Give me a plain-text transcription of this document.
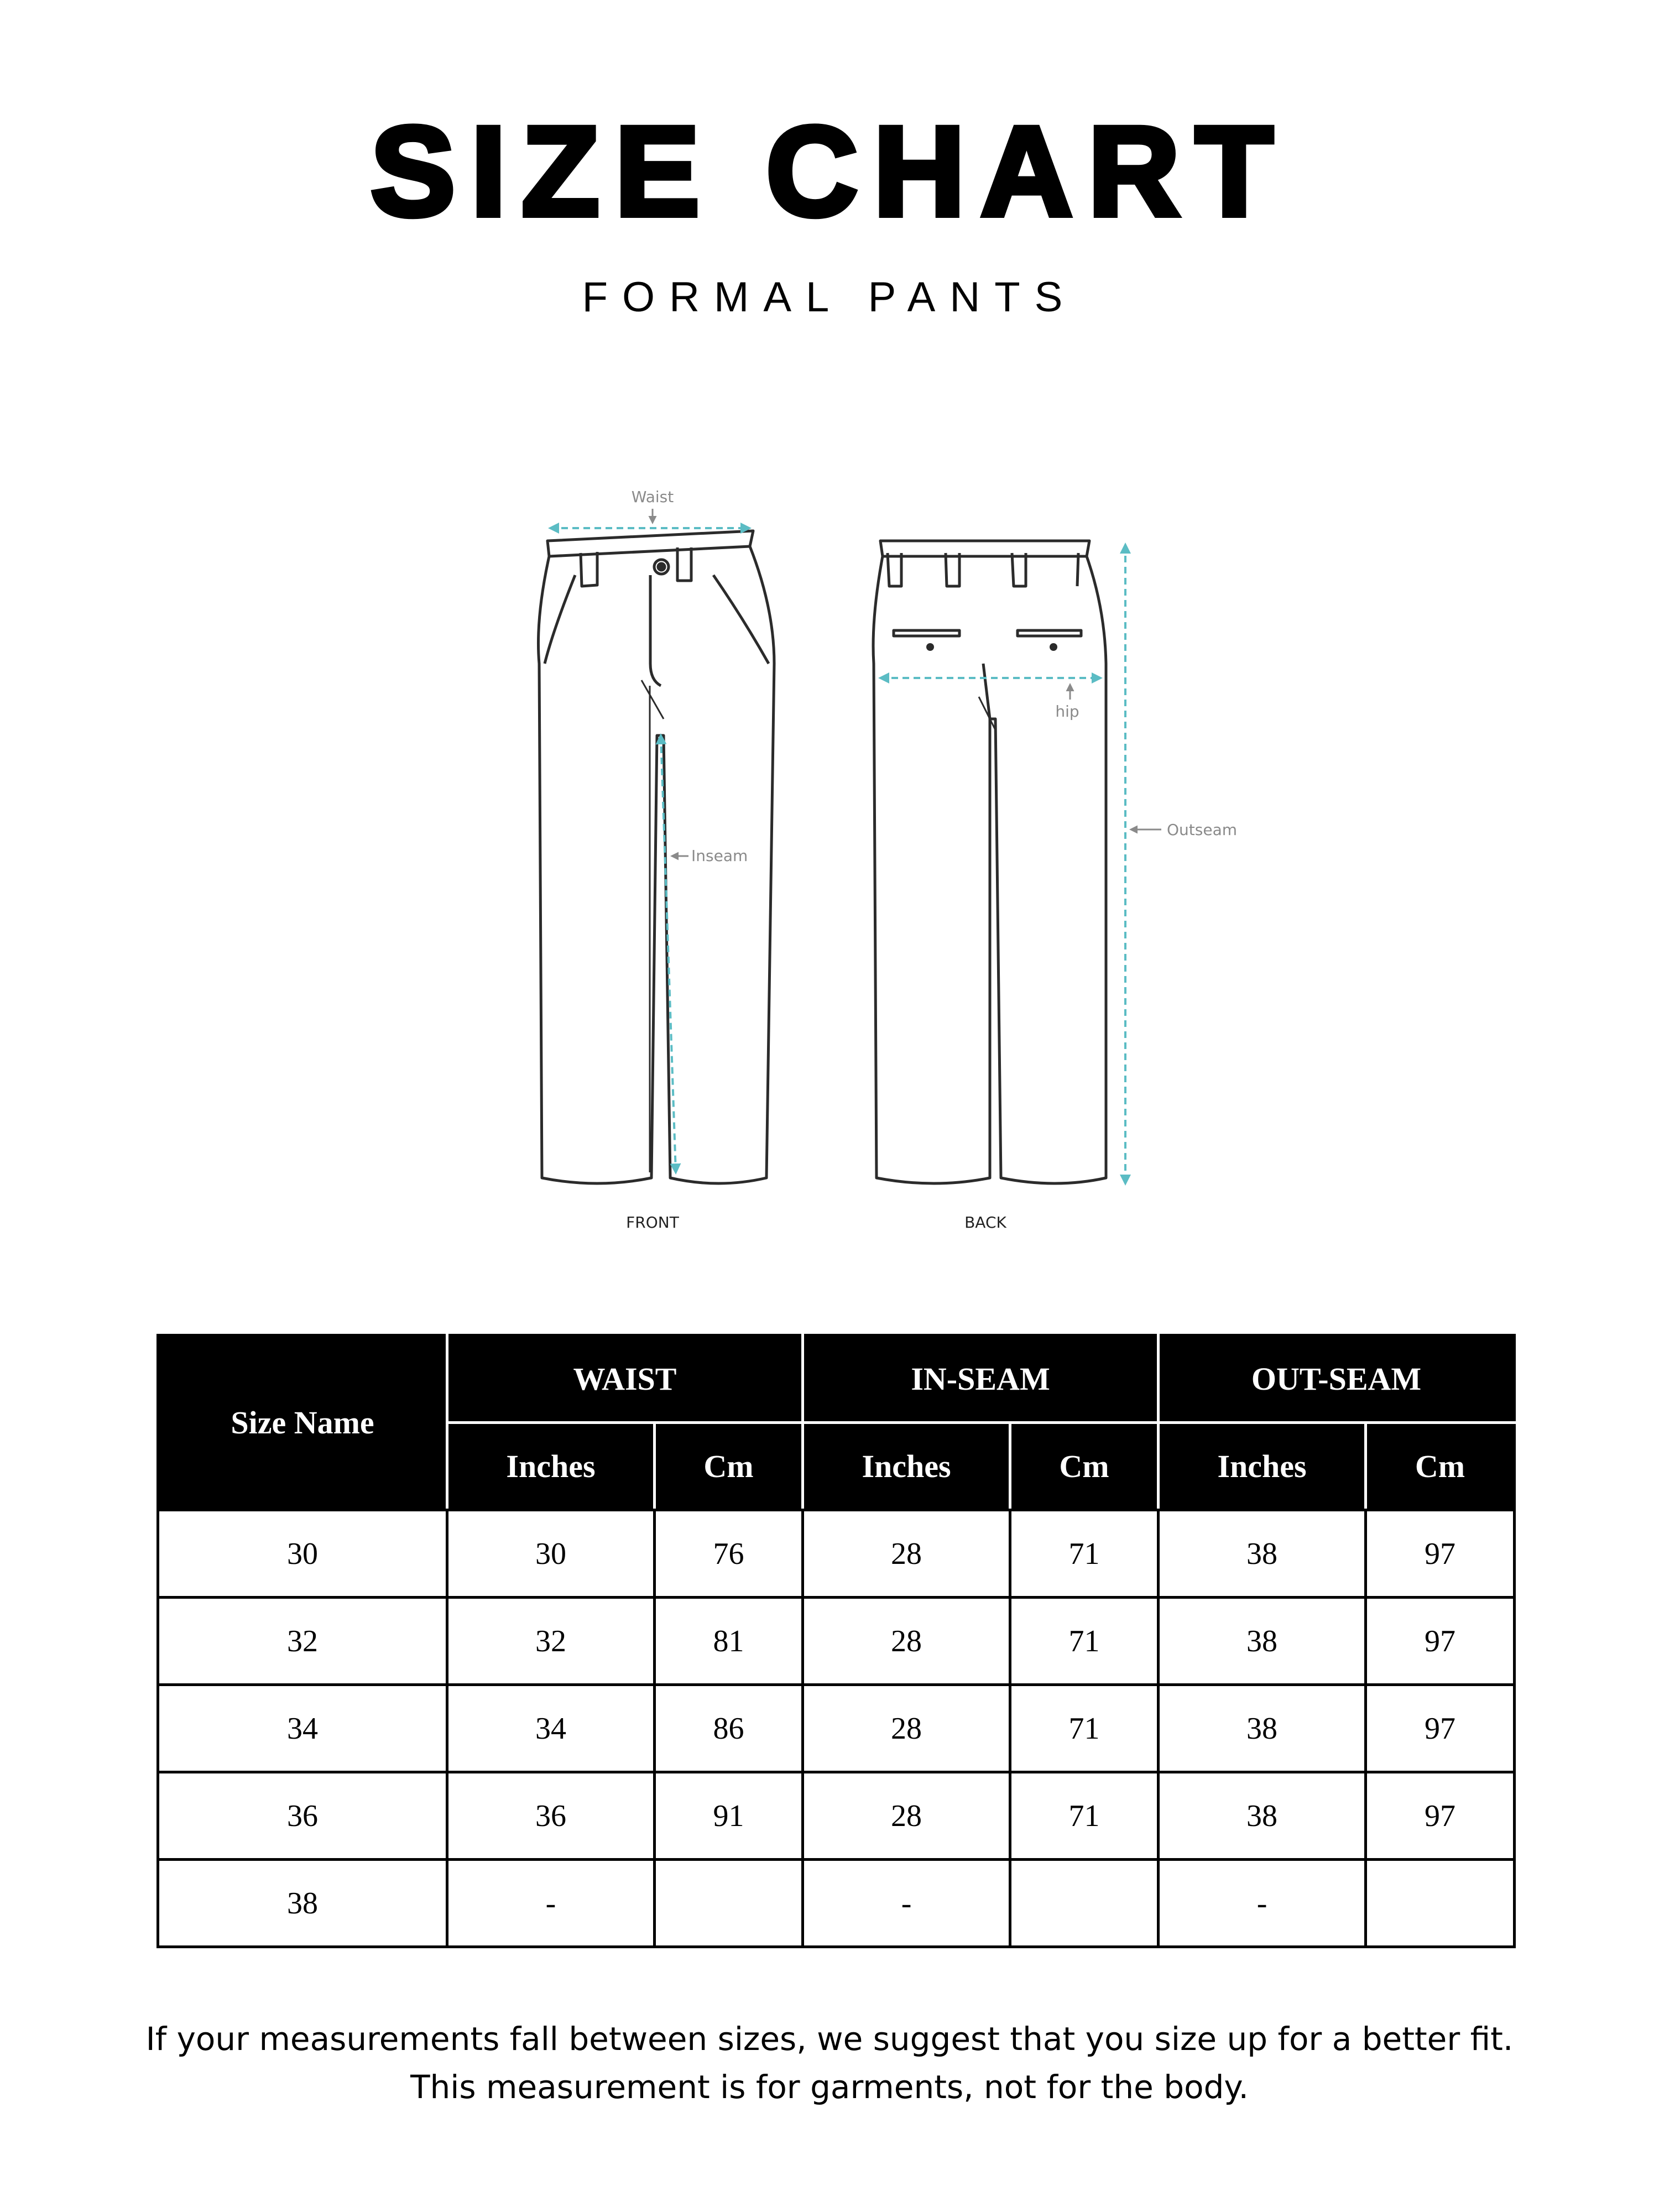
SIZE CHART
FORMAL PANTS
Waist
Inseam
FRONT
hip
Outseam
BACK
Size Name	WAIST		IN-SEAM		OUT-SEAM	
	Inches	Cm	Inches	Cm	Inches	Cm
30	30	76	28	71	38	97
32	32	81	28	71	38	97
34	34	86	28	71	38	97
36	36	91	28	71	38	97
38	-		-		-	
If your measurements fall between sizes, we suggest that you size up for a better fit.
This measurement is for garments, not for the body.
